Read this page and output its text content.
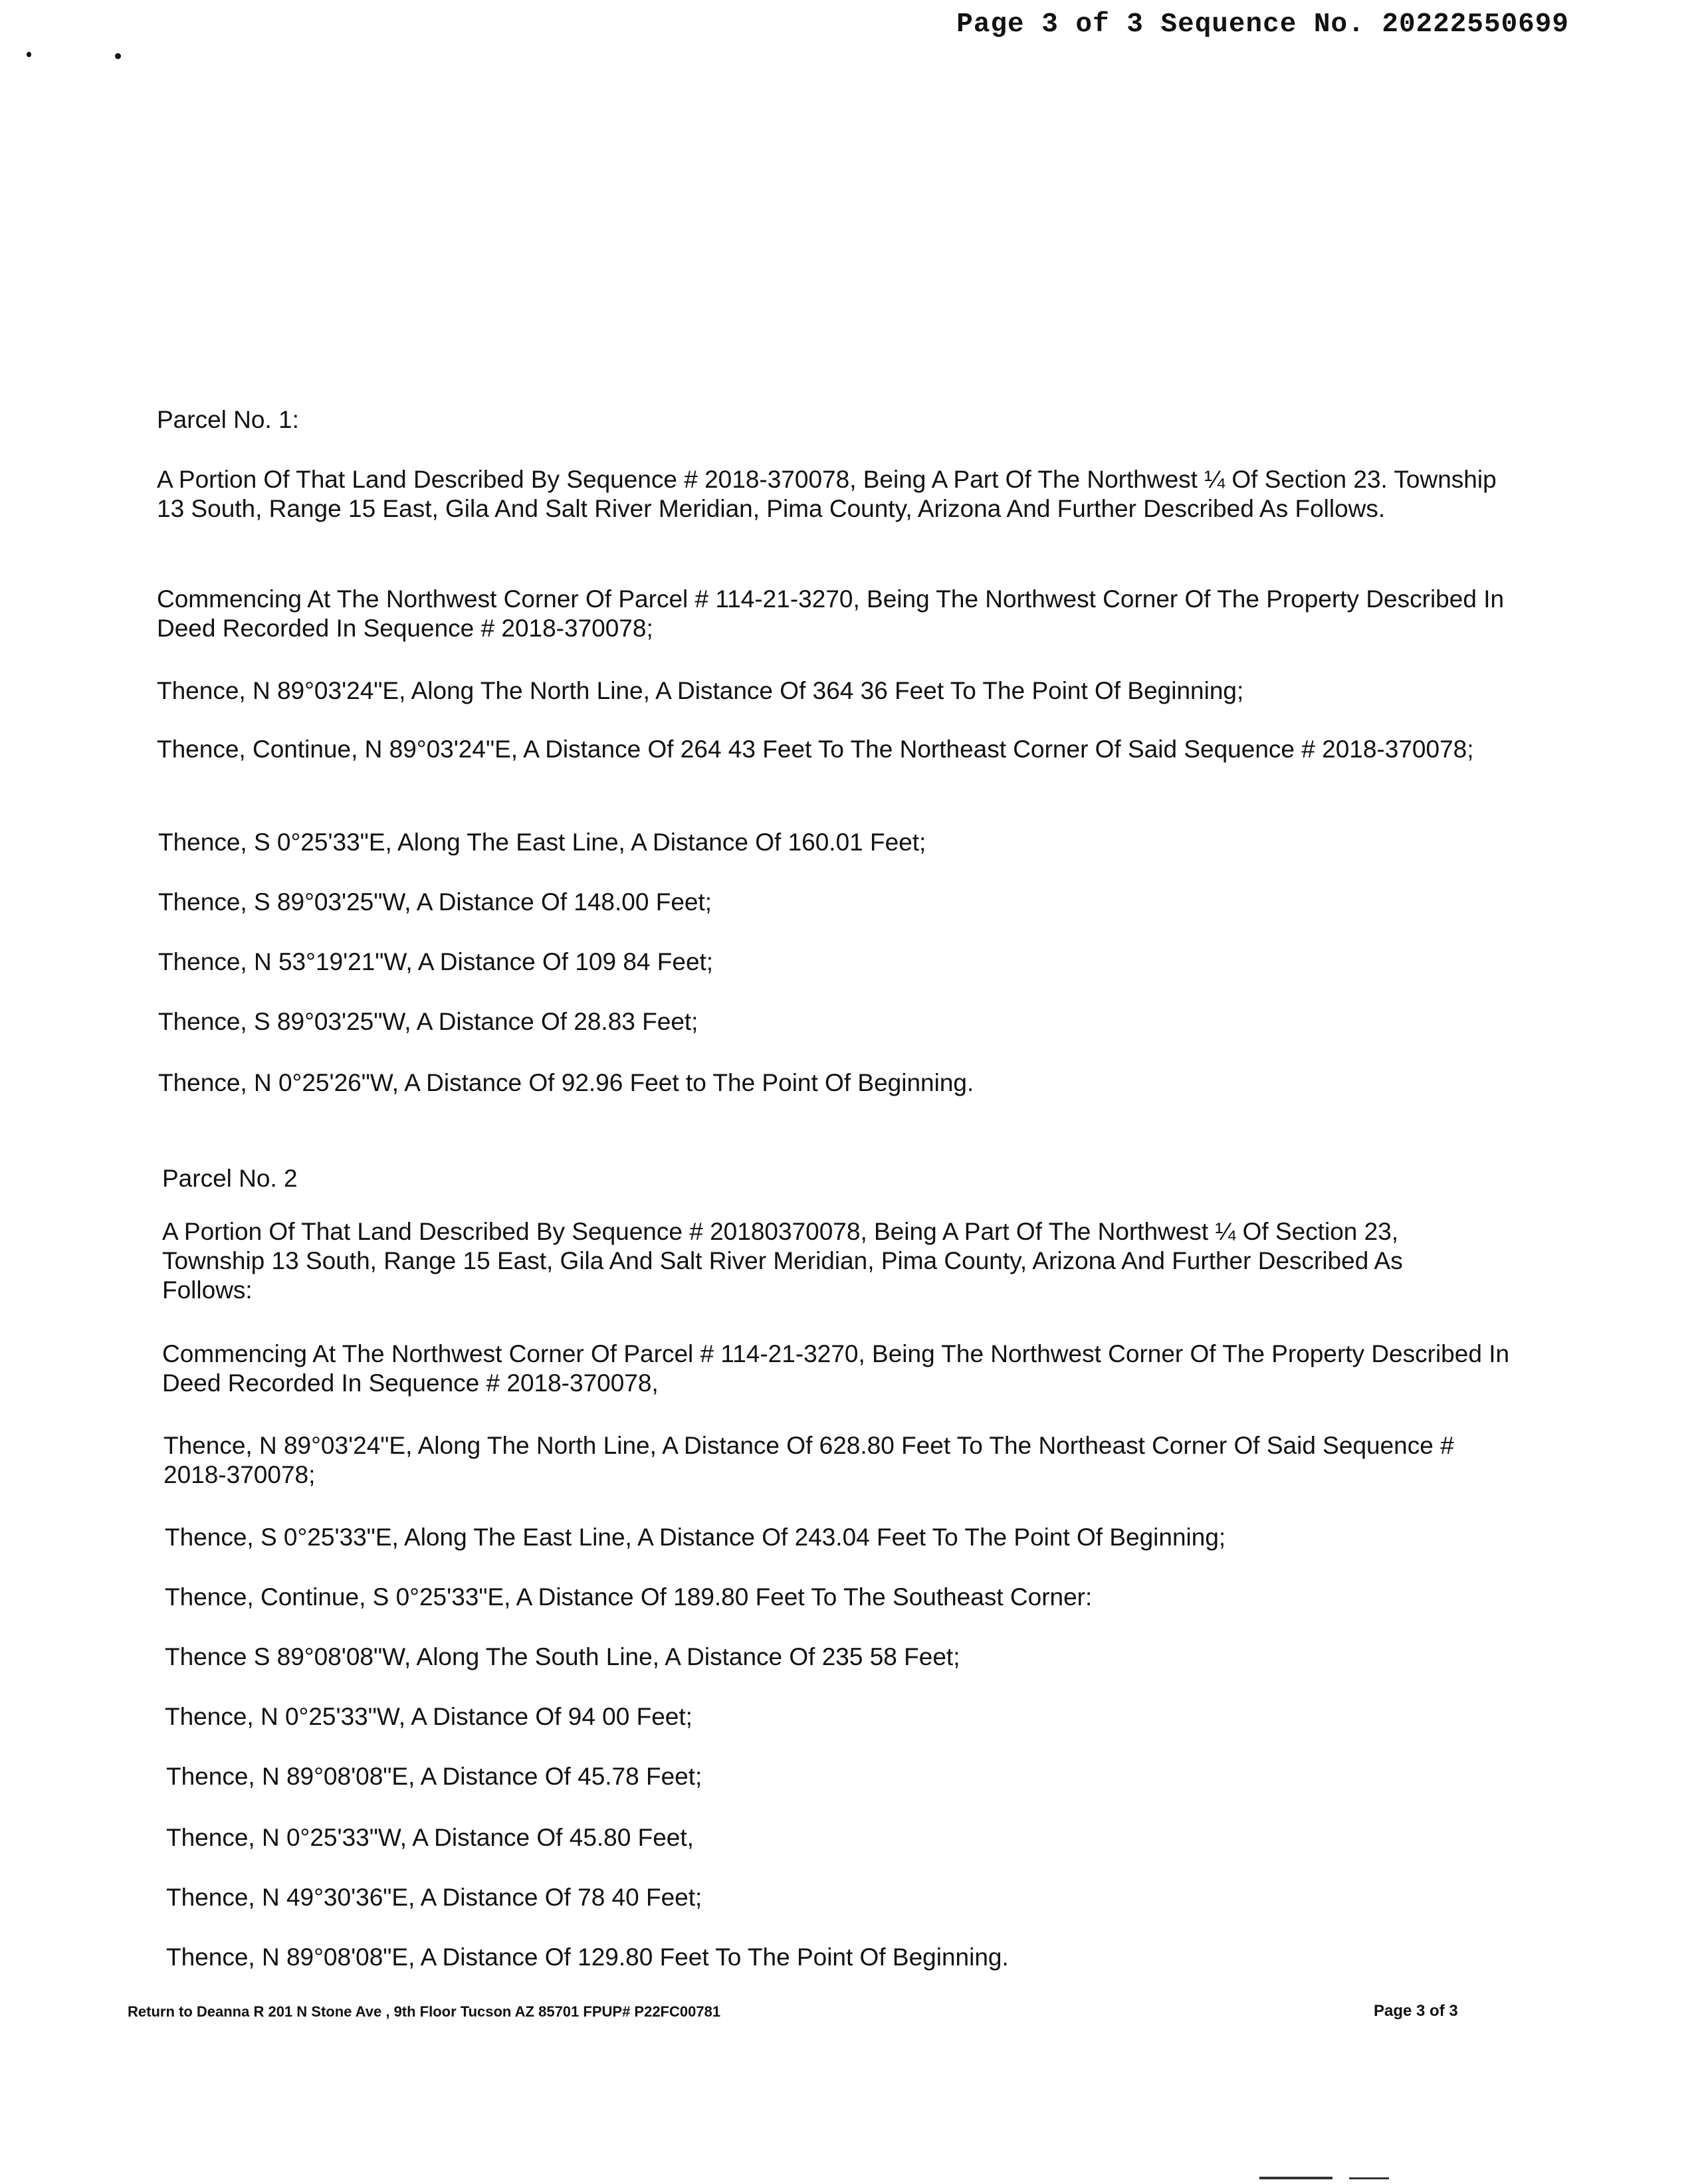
Page 3 of 3 Sequence No. 20222550699

Parcel No. 1:

A Portion Of That Land Described By Sequence # 2018-370078, Being A Part Of The Northwest ¼ Of Section 23. Township 13 South, Range 15 East, Gila And Salt River Meridian, Pima County, Arizona And Further Described As Follows.

Commencing At The Northwest Corner Of Parcel # 114-21-3270, Being The Northwest Corner Of The Property Described In Deed Recorded In Sequence # 2018-370078;

Thence, N 89°03'24"E, Along The North Line, A Distance Of 364 36 Feet To The Point Of Beginning;

Thence, Continue, N 89°03'24"E, A Distance Of 264 43 Feet To The Northeast Corner Of Said Sequence # 2018-370078;

Thence, S 0°25'33"E, Along The East Line, A Distance Of 160.01 Feet;

Thence, S 89°03'25"W, A Distance Of 148.00 Feet;

Thence, N 53°19'21"W, A Distance Of 109 84 Feet;

Thence, S 89°03'25"W, A Distance Of 28.83 Feet;

Thence, N 0°25'26"W, A Distance Of 92.96 Feet to The Point Of Beginning.

Parcel No. 2

A Portion Of That Land Described By Sequence # 20180370078, Being A Part Of The Northwest ¼ Of Section 23, Township 13 South, Range 15 East, Gila And Salt River Meridian, Pima County, Arizona And Further Described As Follows:

Commencing At The Northwest Corner Of Parcel # 114-21-3270, Being The Northwest Corner Of The Property Described In Deed Recorded In Sequence # 2018-370078,

Thence, N 89°03'24"E, Along The North Line, A Distance Of 628.80 Feet To The Northeast Corner Of Said Sequence # 2018-370078;

Thence, S 0°25'33"E, Along The East Line, A Distance Of 243.04 Feet To The Point Of Beginning;

Thence, Continue, S 0°25'33"E, A Distance Of 189.80 Feet To The Southeast Corner:

Thence S 89°08'08"W, Along The South Line, A Distance Of 235 58 Feet;

Thence, N 0°25'33"W, A Distance Of 94 00 Feet;

Thence, N 89°08'08"E, A Distance Of 45.78 Feet;

Thence, N 0°25'33"W, A Distance Of 45.80 Feet,

Thence, N 49°30'36"E, A Distance Of 78 40 Feet;

Thence, N 89°08'08"E, A Distance Of 129.80 Feet To The Point Of Beginning.

Return to Deanna R 201 N Stone Ave , 9th Floor Tucson AZ 85701 FPUP# P22FC00781	Page 3 of 3
